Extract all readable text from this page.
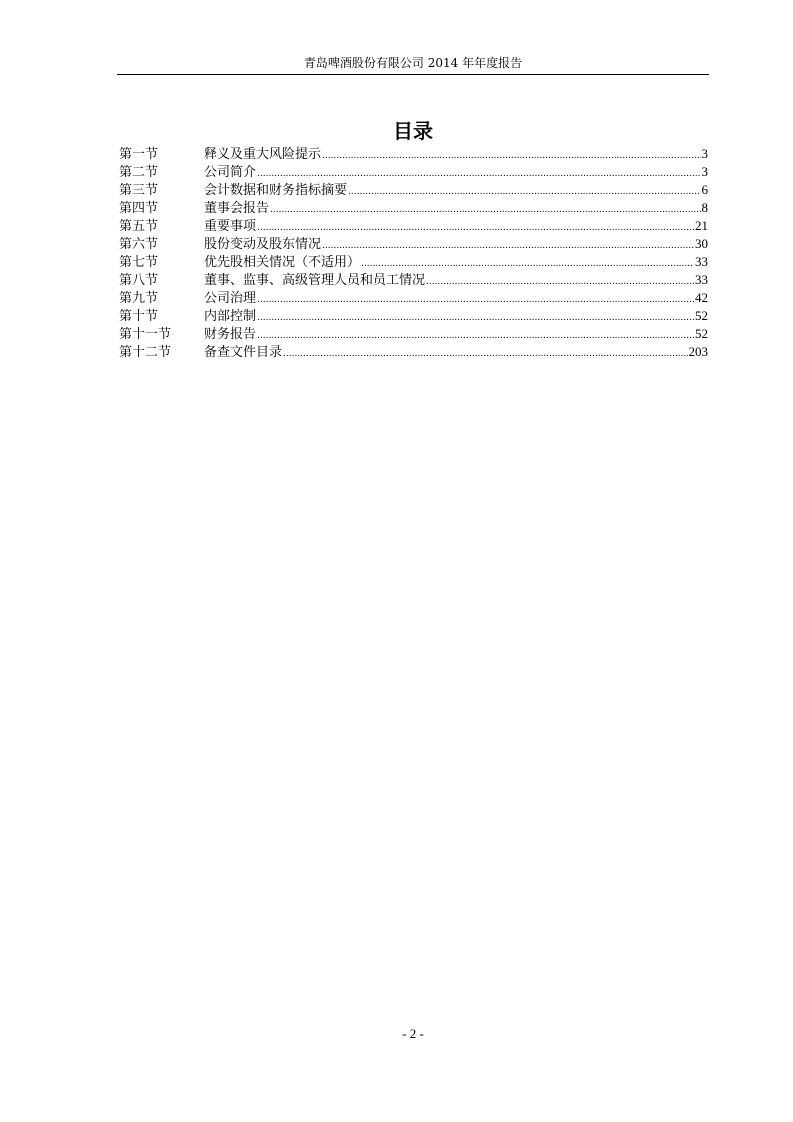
青岛啤酒股份有限公司 2014 年年度报告
目录
第一节	释义及重大风险提示 .....	3
第二节	公司简介 .....	3
第三节	会计数据和财务指标摘要 .....	6
第四节	董事会报告 .....	8
第五节	重要事项 .....	21
第六节	股份变动及股东情况 .....	30
第七节	优先股相关情况（不适用） .....	33
第八节	董事、监事、高级管理人员和员工情况 .....	33
第九节	公司治理 .....	42
第十节	内部控制 .....	52
第十一节	财务报告 .....	52
第十二节	备查文件目录 .....	203
- 2 -
